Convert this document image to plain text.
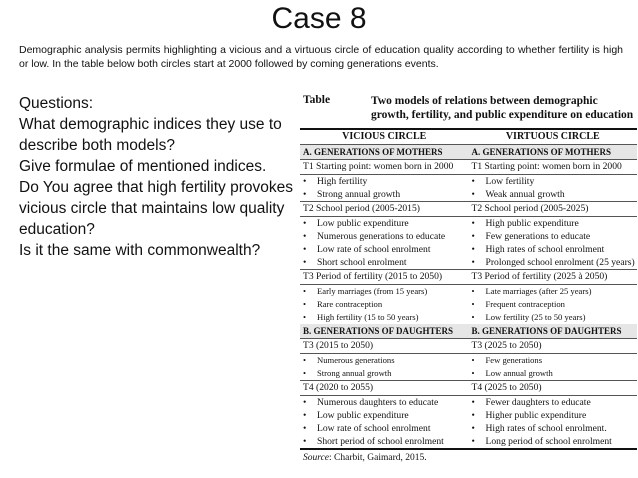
Case 8
Demographic analysis permits highlighting a vicious and a virtuous circle of education quality according to whether fertility is high or low. In the table below both circles start at 2000 followed by coming generations events.
Questions:
What demographic indices they use to
describe both models?
Give formulae of mentioned indices.
Do You agree that high fertility provokes
vicious circle that maintains low quality
education?
Is it the same with commonwealth?
Table	Two models of relations between demographic growth, fertility, and public expenditure on education
VICIOUS CIRCLE	VIRTUOUS CIRCLE
A. GENERATIONS OF MOTHERS	A. GENERATIONS OF MOTHERS
T1 Starting point: women born in 2000	T1 Starting point: women born in 2000
•	High fertility	•	Low fertility
•	Strong annual growth	•	Weak annual growth
T2 School period (2005-2015)	T2 School period (2005-2025)
•	Low public expenditure	•	High public expenditure
•	Numerous generations to educate	•	Few generations to educate
•	Low rate of school enrolment	•	High rates of school enrolment
•	Short school enrolment	•	Prolonged school enrolment (25 years)
T3 Period of fertility (2015 to 2050)	T3 Period of fertility (2025 à 2050)
•	Early marriages (from 15 years)	•	Late marriages (after 25 years)
•	Rare contraception	•	Frequent contraception
•	High fertility (15 to 50 years)	•	Low fertility (25 to 50 years)
B. GENERATIONS OF DAUGHTERS	B. GENERATIONS OF DAUGHTERS
T3 (2015 to 2050)	T3 (2025 to 2050)
•	Numerous generations	•	Few generations
•	Strong annual growth	•	Low annual growth
T4 (2020 to 2055)	T4 (2025 to 2050)
•	Numerous daughters to educate	•	Fewer daughters to educate
•	Low public expenditure	•	Higher public expenditure
•	Low rate of school enrolment	•	High rates of school enrolment.
•	Short period of school enrolment	•	Long period of school enrolment
Source: Charbit, Gaimard, 2015.
